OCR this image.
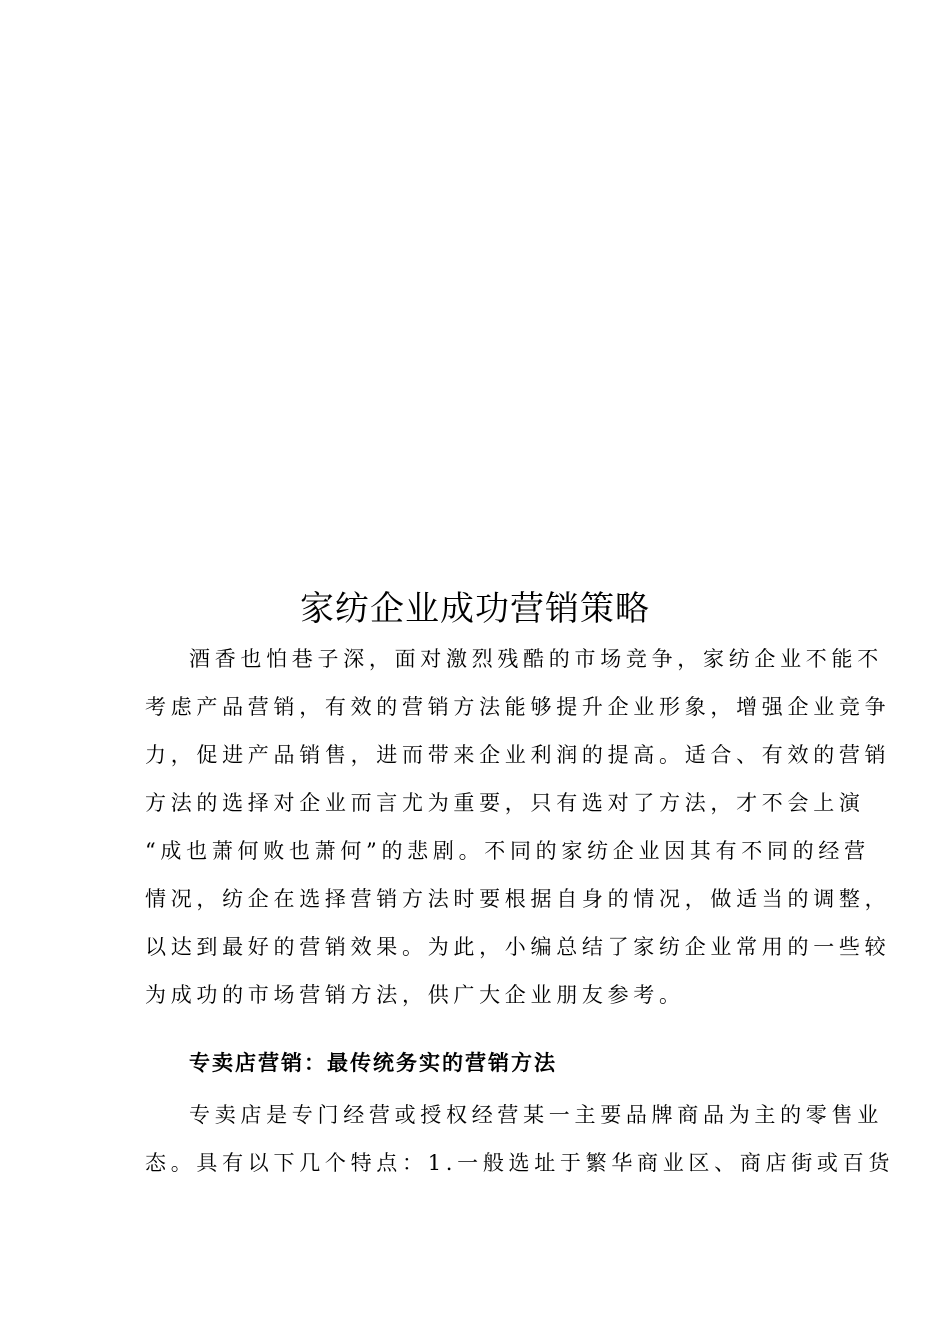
家纺企业成功营销策略
酒香也怕巷子深，面对激烈残酷的市场竞争，家纺企业不能不
考虑产品营销，有效的营销方法能够提升企业形象，增强企业竞争
力，促进产品销售，进而带来企业利润的提高。适合、有效的营销
方法的选择对企业而言尤为重要，只有选对了方法，才不会上演
“成也萧何败也萧何”的悲剧。不同的家纺企业因其有不同的经营
情况，纺企在选择营销方法时要根据自身的情况，做适当的调整，
以达到最好的营销效果。为此，小编总结了家纺企业常用的一些较
为成功的市场营销方法，供广大企业朋友参考。
专卖店营销：最传统务实的营销方法
专卖店是专门经营或授权经营某一主要品牌商品为主的零售业
态。具有以下几个特点：1.一般选址于繁华商业区、商店街或百货
